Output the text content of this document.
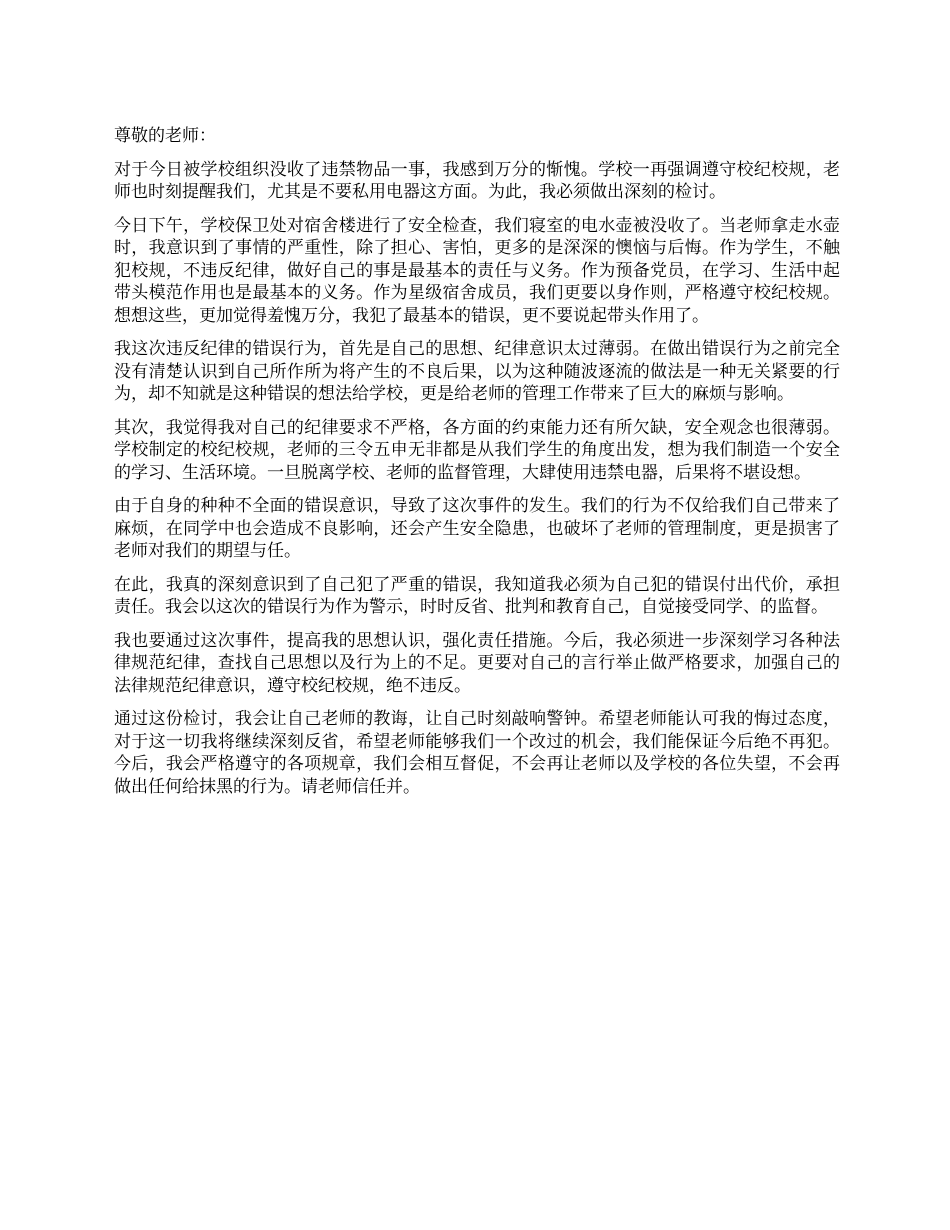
尊敬的老师：

对于今日被学校组织没收了违禁物品一事，我感到万分的惭愧。学校一再强调遵守校纪校规，老师也时刻提醒我们，尤其是不要私用电器这方面。为此，我必须做出深刻的检讨。

今日下午，学校保卫处对宿舍楼进行了安全检查，我们寝室的电水壶被没收了。当老师拿走水壶时，我意识到了事情的严重性，除了担心、害怕，更多的是深深的懊恼与后悔。作为学生，不触犯校规，不违反纪律，做好自己的事是最基本的责任与义务。作为预备党员，在学习、生活中起带头模范作用也是最基本的义务。作为星级宿舍成员，我们更要以身作则，严格遵守校纪校规。想想这些，更加觉得羞愧万分，我犯了最基本的错误，更不要说起带头作用了。

我这次违反纪律的错误行为，首先是自己的思想、纪律意识太过薄弱。在做出错误行为之前完全没有清楚认识到自己所作所为将产生的不良后果，以为这种随波逐流的做法是一种无关紧要的行为，却不知就是这种错误的想法给学校，更是给老师的管理工作带来了巨大的麻烦与影响。

其次，我觉得我对自己的纪律要求不严格，各方面的约束能力还有所欠缺，安全观念也很薄弱。学校制定的校纪校规，老师的三令五申无非都是从我们学生的角度出发，想为我们制造一个安全的学习、生活环境。一旦脱离学校、老师的监督管理，大肆使用违禁电器，后果将不堪设想。

由于自身的种种不全面的错误意识，导致了这次事件的发生。我们的行为不仅给我们自己带来了麻烦，在同学中也会造成不良影响，还会产生安全隐患，也破坏了老师的管理制度，更是损害了老师对我们的期望与任。

在此，我真的深刻意识到了自己犯了严重的错误，我知道我必须为自己犯的错误付出代价，承担责任。我会以这次的错误行为作为警示，时时反省、批判和教育自己，自觉接受同学、的监督。

我也要通过这次事件，提高我的思想认识，强化责任措施。今后，我必须进一步深刻学习各种法律规范纪律，查找自己思想以及行为上的不足。更要对自己的言行举止做严格要求，加强自己的法律规范纪律意识，遵守校纪校规，绝不违反。

通过这份检讨，我会让自己老师的教诲，让自己时刻敲响警钟。希望老师能认可我的悔过态度，对于这一切我将继续深刻反省，希望老师能够我们一个改过的机会，我们能保证今后绝不再犯。今后，我会严格遵守的各项规章，我们会相互督促，不会再让老师以及学校的各位失望，不会再做出任何给抹黑的行为。请老师信任并。
